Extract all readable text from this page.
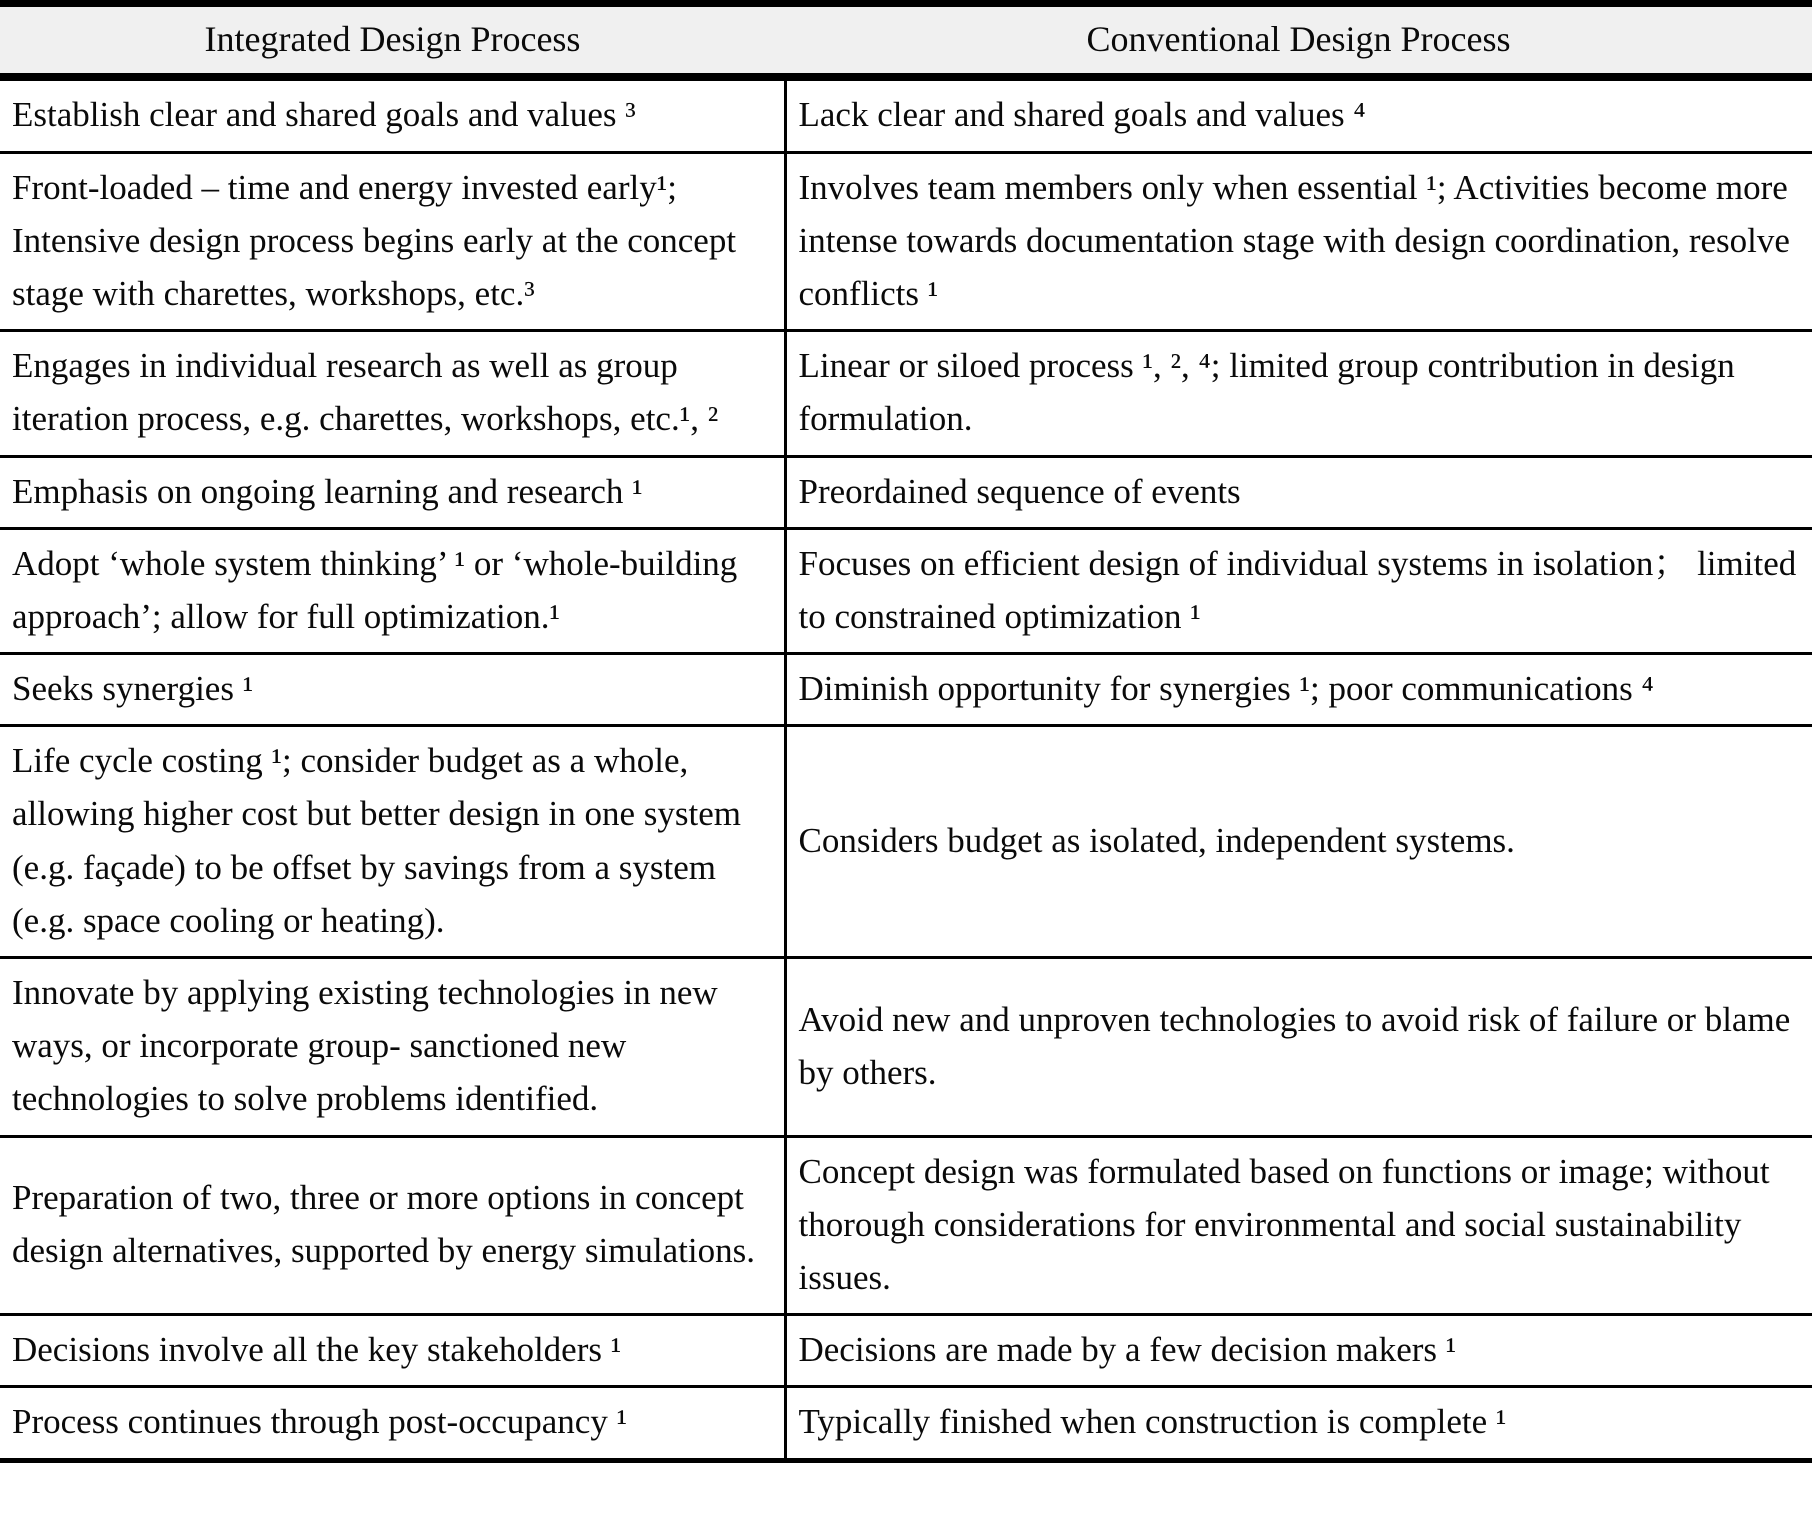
Integrated Design Process	Conventional Design Process

Establish clear and shared goals and values ³	Lack clear and shared goals and values ⁴

Front-loaded – time and energy invested early¹; Intensive design process begins early at the concept stage with charettes, workshops, etc.³	Involves team members only when essential ¹; Activities become more intense towards documentation stage with design coordination, resolve conflicts ¹

Engages in individual research as well as group iteration process, e.g. charettes, workshops, etc.¹, ²	Linear or siloed process ¹, ², ⁴; limited group contribution in design formulation.

Emphasis on ongoing learning and research ¹	Preordained sequence of events

Adopt ‘whole system thinking’ ¹ or ‘whole-building approach’; allow for full optimization.¹	Focuses on efficient design of individual systems in isolation； limited to constrained optimization ¹

Seeks synergies ¹	Diminish opportunity for synergies ¹; poor communications ⁴

Life cycle costing ¹; consider budget as a whole, allowing higher cost but better design in one system (e.g. façade) to be offset by savings from a system (e.g. space cooling or heating).	Considers budget as isolated, independent systems.

Innovate by applying existing technologies in new ways, or incorporate group- sanctioned new technologies to solve problems identified.	Avoid new and unproven technologies to avoid risk of failure or blame by others.

Preparation of two, three or more options in concept design alternatives, supported by energy simulations.	Concept design was formulated based on functions or image; without thorough considerations for environmental and social sustainability issues.

Decisions involve all the key stakeholders ¹	Decisions are made by a few decision makers ¹

Process continues through post-occupancy ¹	Typically finished when construction is complete ¹
